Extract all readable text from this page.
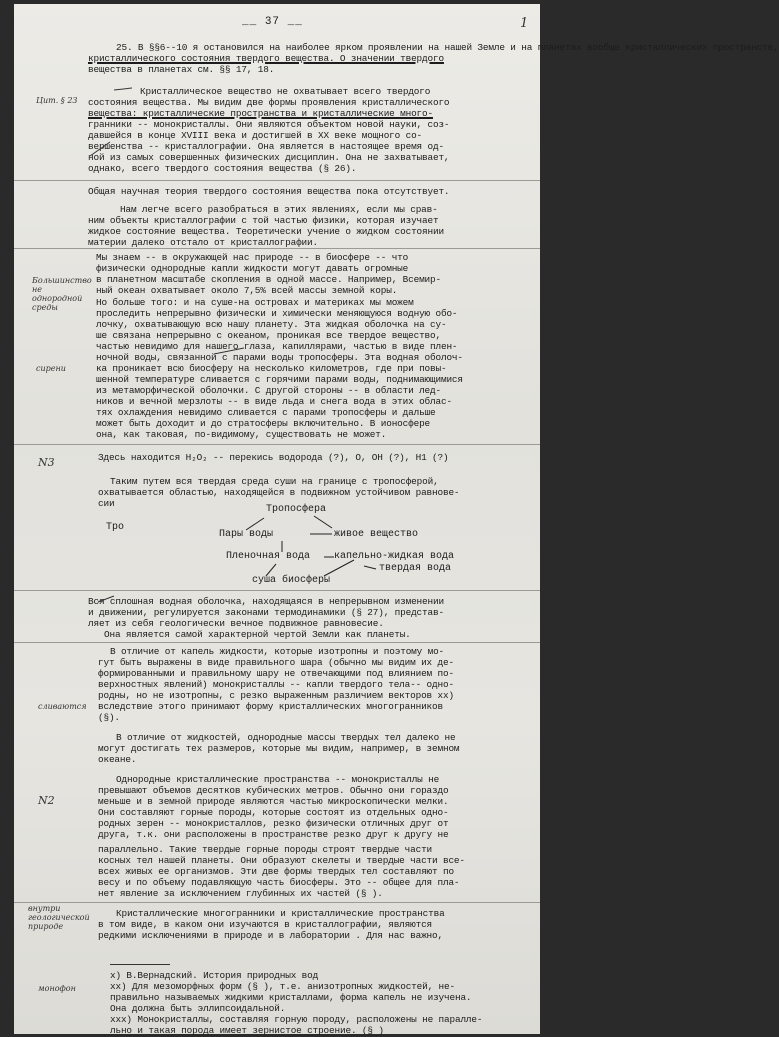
__ 37 __	1
25. В §§6--10 я остановился на наиболее ярком проявлении на нашей Земле и на планетах вообще кристаллических пространств,
кристаллического состояния твердого вещества. О значении твердого
вещества в планетах см. §§ 17, 18.
Кристаллическое вещество не охватывает всего твердого
состояния вещества. Мы видим две формы проявления кристаллического
вещества: кристаллические пространства и кристаллические много-
гранники -- монокристаллы. Они являются объектом новой науки, соз-
давшейся в конце XVIII века и достигшей в XX веке мощного со-
вершенства -- кристаллографии. Она является в настоящее время од-
ной из самых совершенных физических дисциплин. Она не захватывает,
однако, всего твердого состояния вещества (§ 26).
Общая научная теория твердого состояния вещества пока отсутствует.
Нам легче всего разобраться в этих явлениях, если мы срав-
ним объекты кристаллографии с той частью физики, которая изучает
жидкое состояние вещества. Теоретически учение о жидком состоянии
материи далеко отстало от кристаллографии.
Мы знаем -- в окружающей нас природе -- в биосфере -- что
физически однородные капли жидкости могут давать огромные
в планетном масштабе скопления в одной массе. Например, Всемир-
ный океан охватывает около 7,5% всей массы земной коры.
Но больше того: и на суше-на островах и материках мы можем
проследить непрерывно физически и химически меняющуюся водную обо-
лочку, охватывающую всю нашу планету. Эта жидкая оболочка на су-
ше связана непрерывно с океаном, проникая все твердое вещество,
частью невидимо для нашего глаза, капиллярами, частью в виде плен-
ночной воды, связанной с парами воды тропосферы. Эта водная оболоч-
ка проникает всю биосферу на несколько километров, где при повы-
шенной температуре сливается с горячими парами воды, поднимающимися
из метаморфической оболочки. С другой стороны -- в области лед-
ников и вечной мерзлоты -- в виде льда и снега вода в этих облас-
тях охлаждения невидимо сливается с парами тропосферы и дальше
может быть доходит и до стратосферы включительно. В ионосфере
она, как таковая, по-видимому, существовать не может.
Здесь находится H₂O₂ -- перекись водорода (?), O, OH (?), H1 (?)
Таким путем вся твердая среда суши на границе с тропосферой,
охватывается областью, находящейся в подвижном устойчивом равнове-
сии
Тро
Тропосфера
Пары воды	живое вещество
Пленочная вода капельно-жидкая вода
твердая вода
суша биосферы
Вся сплошная водная оболочка, находящаяся в непрерывном изменении
и движении, регулируется законами термодинамики (§ 27), представ-
ляет из себя геологически вечное подвижное равновесие.
Она является самой характерной чертой Земли как планеты.
В отличие от капель жидкости, которые изотропны и поэтому мо-
гут быть выражены в виде правильного шара (обычно мы видим их де-
формированными и правильному шару не отвечающими под влиянием по-
верхностных явлений) монокристаллы -- капли твердого тела-- одно-
родны, но не изотропны, с резко выраженным различием векторов xx)
вследствие этого принимают форму кристаллических многогранников
(§).
В отличие от жидкостей, однородные массы твердых тел далеко не
могут достигать тех размеров, которые мы видим, например, в земном
океане.
Однородные кристаллические пространства -- монокристаллы не
превышают объемов десятков кубических метров. Обычно они гораздо
меньше и в земной природе являются частью микроскопически мелки.
Они составляют горные породы, которые состоят из отдельных одно-
родных зерен -- монокристаллов, резко физически отличных друг от
друга, т.к. они расположены в пространстве резко друг к другу не
параллельно. Такие твердые горные породы строят твердые части
косных тел нашей планеты. Они образуют скелеты и твердые части все-
всех живых ее организмов. Эти две формы твердых тел составляют по
весу и по объему подавляющую часть биосферы. Это -- общее для пла-
нет явление за исключением глубинных их частей (§ ).
Кристаллические многогранники и кристаллические пространства
в том виде, в каком они изучаются в кристаллографии, являются
редкими исключениями в природе и в лаборатории . Для нас важно,
х) В.Вернадский. История природных вод
хх) Для мезоморфных форм (§ ), т.е. анизотропных жидкостей, не-
правильно называемых жидкими кристаллами, форма капель не изучена.
Она должна быть эллипсоидальной.
ххх) Монокристаллы, составляя горную породу, расположены не паралле-
льно и такая порода имеет зернистое строение. (§ )
Цит. § 23
Большинство не однородной среды
сирени
N3
сливаются
N2
внутри геологической природе
монофон
